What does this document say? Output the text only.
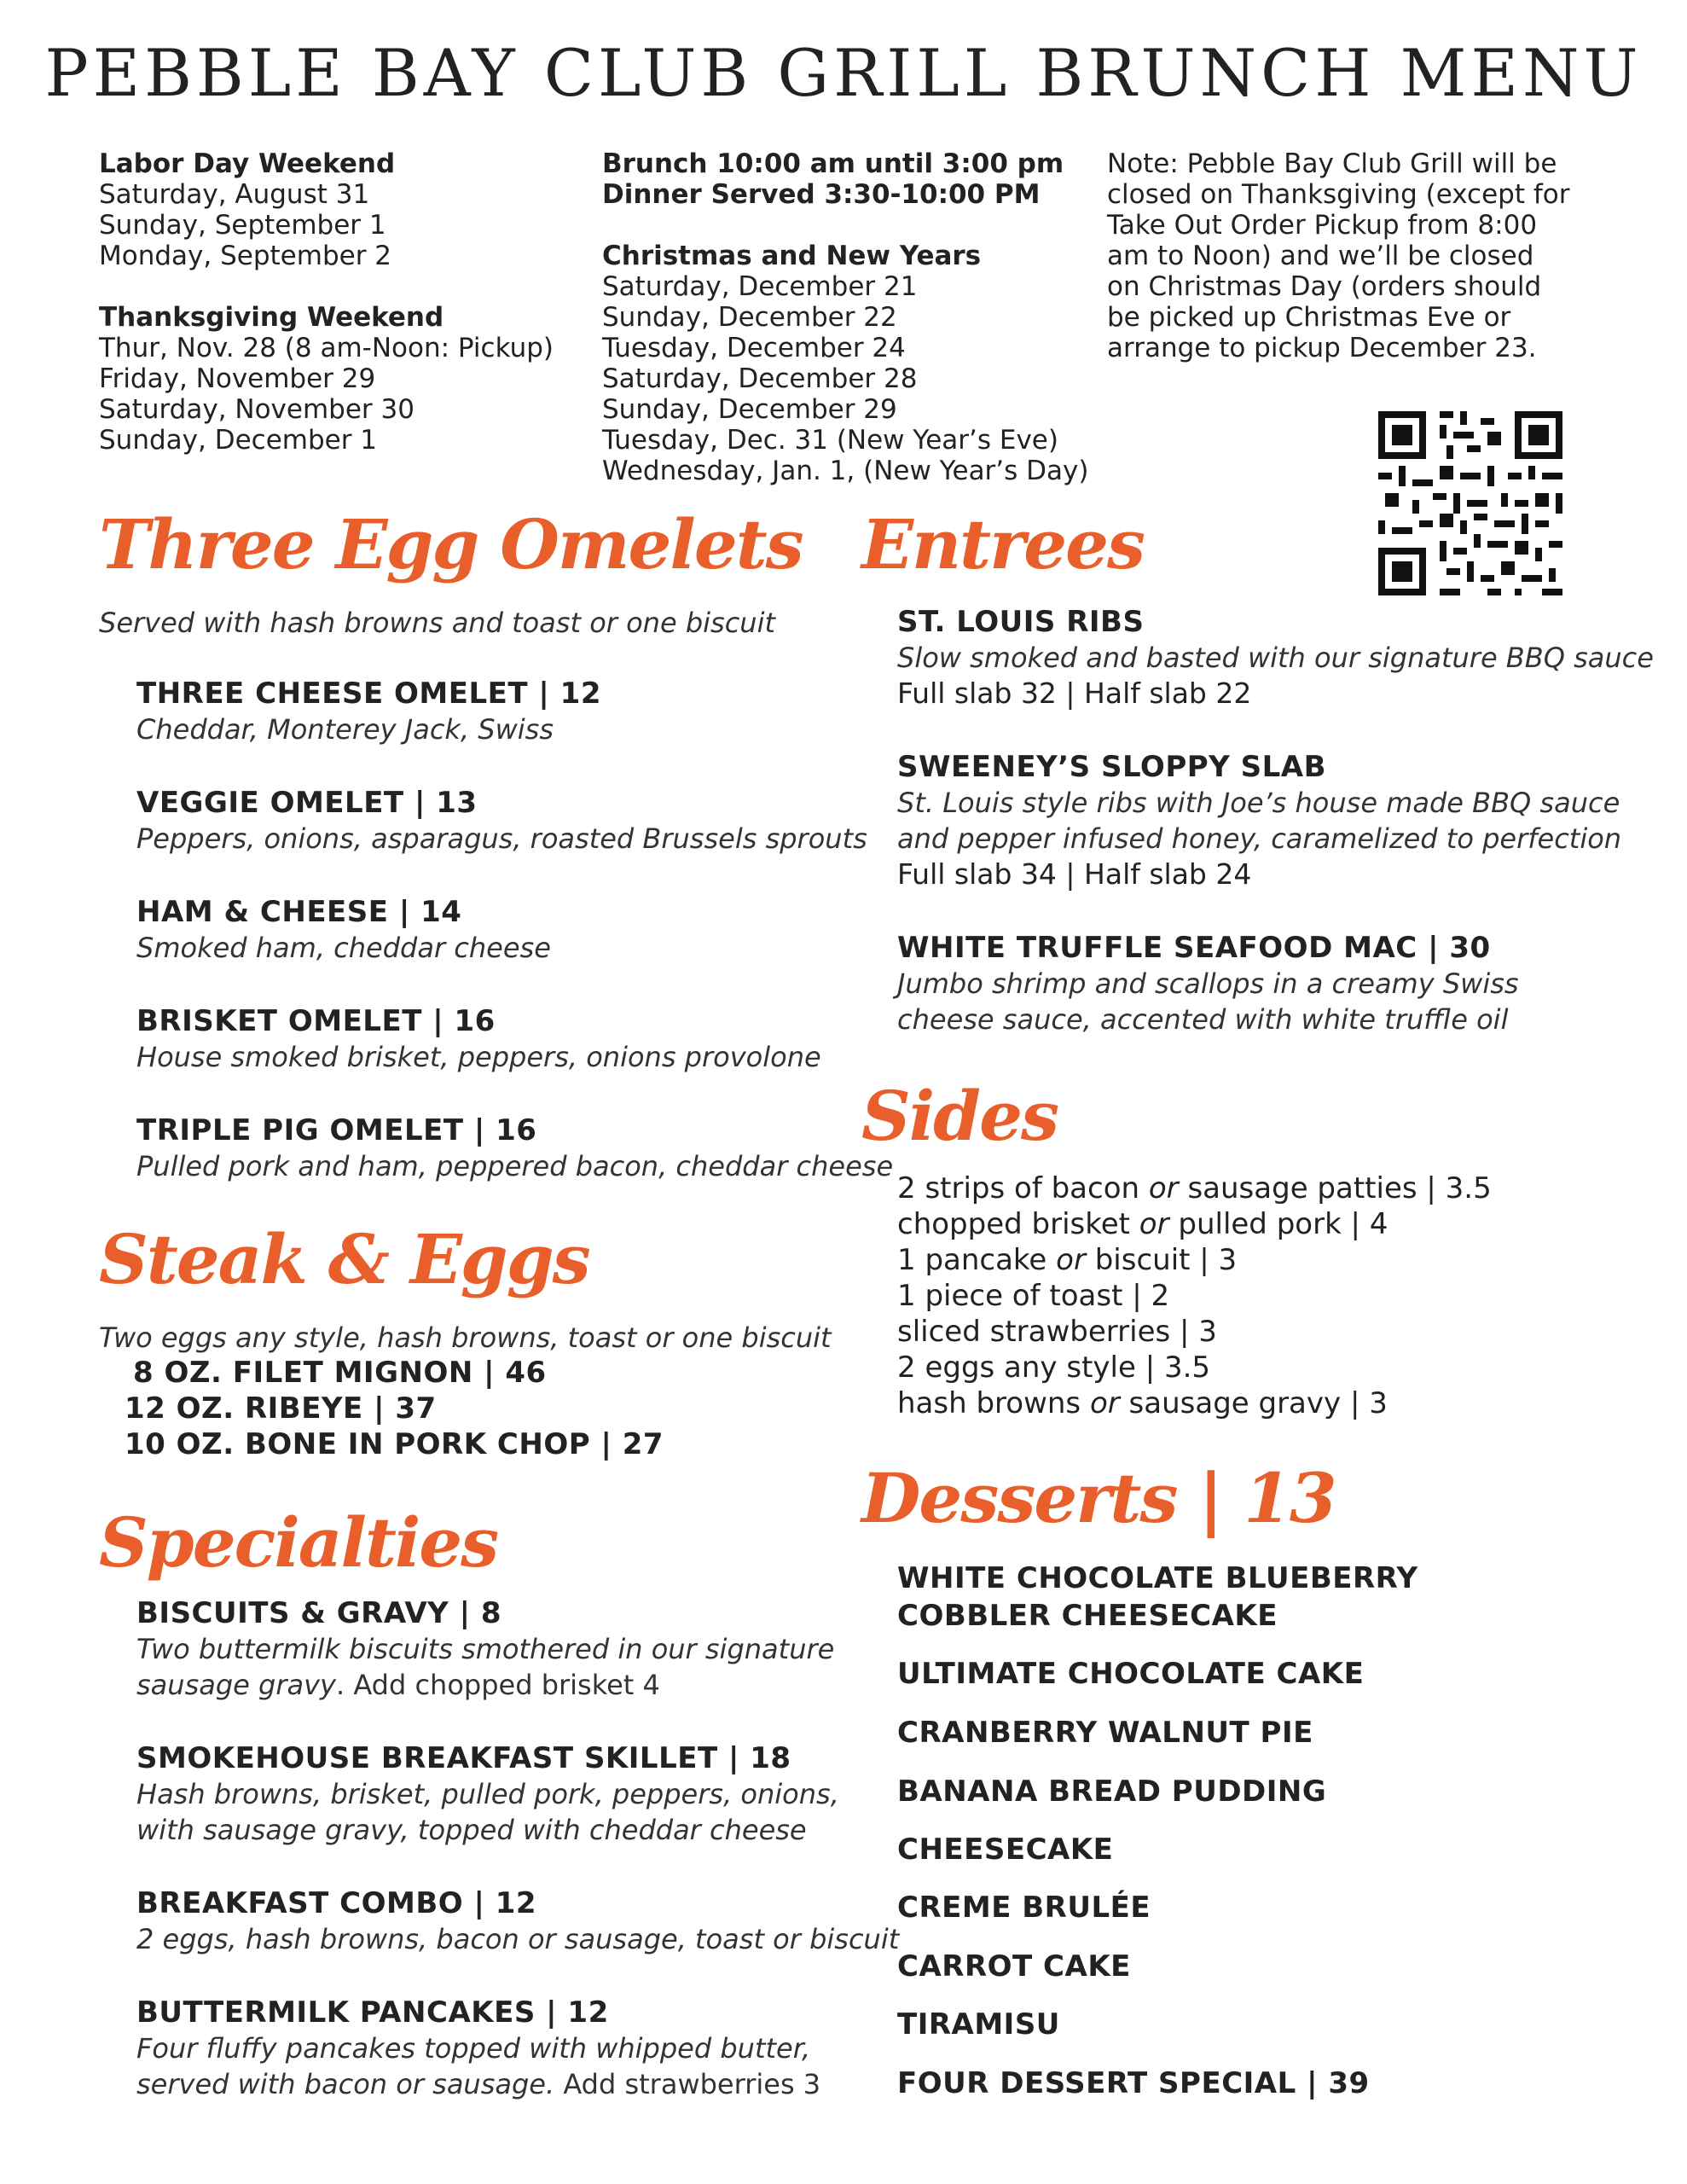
PEBBLE BAY CLUB GRILL BRUNCH MENU
Labor Day Weekend
Saturday, August 31
Sunday, September 1
Monday, September 2
Thanksgiving Weekend
Thur, Nov. 28 (8 am-Noon: Pickup)
Friday, November 29
Saturday, November 30
Sunday, December 1
Brunch 10:00 am until 3:00 pm
Dinner Served 3:30-10:00 PM
Christmas and New Years
Saturday, December 21
Sunday, December 22
Tuesday, December 24
Saturday, December 28
Sunday, December 29
Tuesday, Dec. 31 (New Year’s Eve)
Wednesday, Jan. 1, (New Year’s Day)
Note: Pebble Bay Club Grill will be
closed on Thanksgiving (except for
Take Out Order Pickup from 8:00
am to Noon) and we’ll be closed
on Christmas Day (orders should
be picked up Christmas Eve or
arrange to pickup December 23.
Three Egg Omelets
Served with hash browns and toast or one biscuit
THREE CHEESE OMELET | 12
Cheddar, Monterey Jack, Swiss
VEGGIE OMELET | 13
Peppers, onions, asparagus, roasted Brussels sprouts
HAM & CHEESE | 14
Smoked ham, cheddar cheese
BRISKET OMELET | 16
House smoked brisket, peppers, onions provolone
TRIPLE PIG OMELET | 16
Pulled pork and ham, peppered bacon, cheddar cheese
Steak & Eggs
Two eggs any style, hash browns, toast or one biscuit
8 OZ. FILET MIGNON | 46
12 OZ. RIBEYE | 37
10 OZ. BONE IN PORK CHOP | 27
Specialties
BISCUITS & GRAVY | 8
Two buttermilk biscuits smothered in our signature
sausage gravy. Add chopped brisket 4
SMOKEHOUSE BREAKFAST SKILLET | 18
Hash browns, brisket, pulled pork, peppers, onions,
with sausage gravy, topped with cheddar cheese
BREAKFAST COMBO | 12
2 eggs, hash browns, bacon or sausage, toast or biscuit
BUTTERMILK PANCAKES | 12
Four fluffy pancakes topped with whipped butter,
served with bacon or sausage. Add strawberries 3
Entrees
ST. LOUIS RIBS
Slow smoked and basted with our signature BBQ sauce
Full slab 32 | Half slab 22
SWEENEY’S SLOPPY SLAB
St. Louis style ribs with Joe’s house made BBQ sauce
and pepper infused honey, caramelized to perfection
Full slab 34 | Half slab 24
WHITE TRUFFLE SEAFOOD MAC | 30
Jumbo shrimp and scallops in a creamy Swiss
cheese sauce, accented with white truffle oil
Sides
2 strips of bacon or sausage patties | 3.5
chopped brisket or pulled pork | 4
1 pancake or biscuit | 3
1 piece of toast | 2
sliced strawberries | 3
2 eggs any style | 3.5
hash browns or sausage gravy | 3
Desserts | 13
WHITE CHOCOLATE BLUEBERRY
COBBLER CHEESECAKE
ULTIMATE CHOCOLATE CAKE
CRANBERRY WALNUT PIE
BANANA BREAD PUDDING
CHEESECAKE
CREME BRULÉE
CARROT CAKE
TIRAMISU
FOUR DESSERT SPECIAL | 39
